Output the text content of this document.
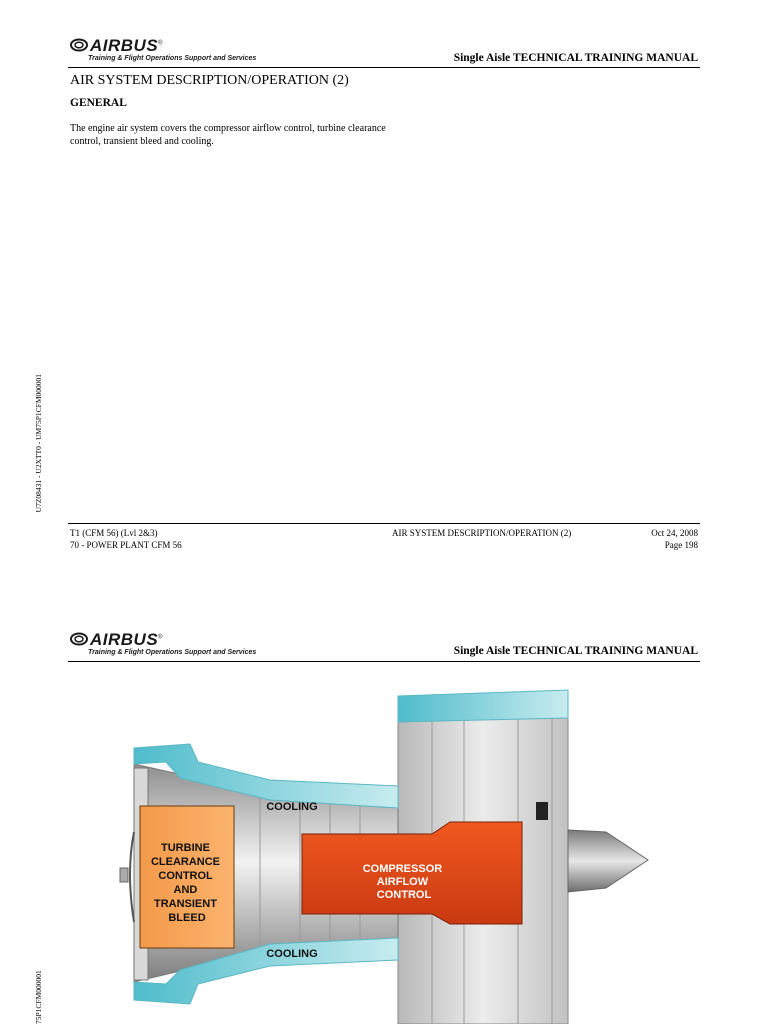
AIRBUS®
Training & Flight Operations Support and Services	Single Aisle TECHNICAL TRAINING MANUAL
AIR SYSTEM DESCRIPTION/OPERATION (2)
GENERAL
The engine air system covers the compressor airflow control, turbine clearance control, transient bleed and cooling.
U7Z08431 - U2XTT0 - UM75P1CFM000001
T1 (CFM 56) (Lvl 2&3)
70 - POWER PLANT CFM 56
AIR SYSTEM DESCRIPTION/OPERATION (2)	Oct 24, 2008
Page 198
AIRBUS®
Training & Flight Operations Support and Services	Single Aisle TECHNICAL TRAINING MANUAL
75P1CFM000001
TURBINE CLEARANCE CONTROL AND TRANSIENT BLEED
COMPRESSOR AIRFLOW CONTROL
COOLING
COOLING
